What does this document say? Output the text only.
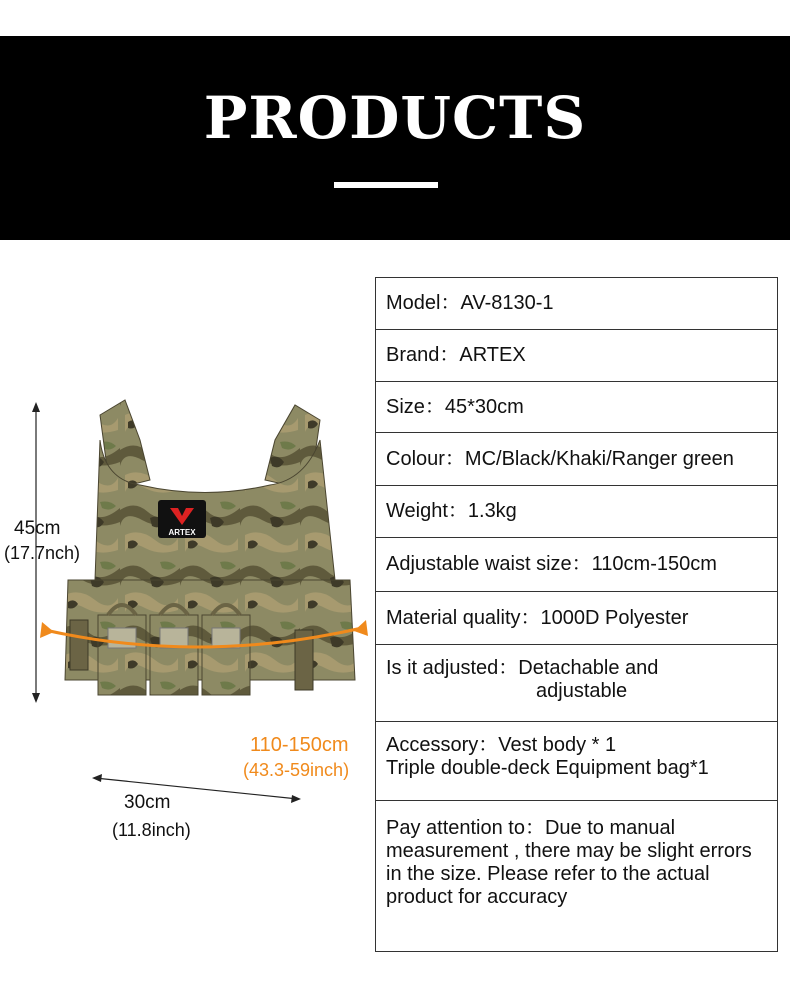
PRODUCTS
ARTEX
45cm
(17.7nch)
110-150cm
(43.3-59inch)
30cm
(11.8inch)
Model：AV-8130-1
Brand：ARTEX
Size：45*30cm
Colour：MC/Black/Khaki/Ranger green
Weight：1.3kg
Adjustable waist size：110cm-150cm
Material quality：1000D Polyester
Is it adjusted：Detachable and
adjustable
Accessory：Vest body * 1
Triple double-deck Equipment bag*1
Pay attention to：Due to manual measurement , there may be slight errors in the size. Please refer to the actual product for accuracy
